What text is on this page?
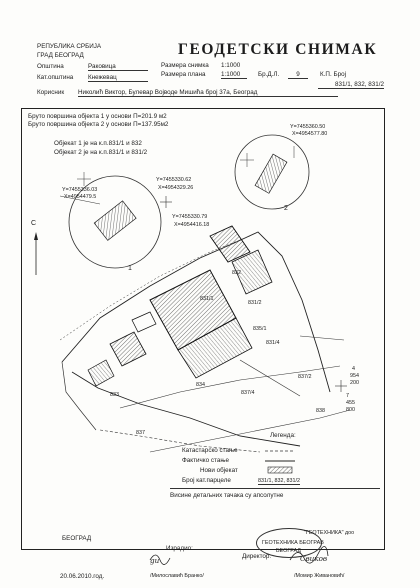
РЕПУБЛИКА СРБИЈА
ГРАД БЕОГРАД
Општина	Раковица
Кат.општина Кнежевац
ГЕОДЕТСКИ СНИМАК
Размера снимка 1:1000
Размера плана 1:1000	Бр.Д.Л.	9	К.П. Број
831/1, 832, 831/2
Корисник Николић Виктор, Булевар Војводе Мишића број 37а, Београд
Бруто површина објекта 1 у основи П=201.9 м2
Бруто површина објекта 2 у основи П=137.95м2
Објекат 1 је на к.п.831/1 и 832
Објекат 2 је на к.п.831/1 и 831/2
С
1
2
Y=7455336.03
X=4954479.5
Y=7455330.62
X=4954329.26
Y=7455360.50
X=4954577.80
Y=7455330.79
X=4954416.18
832
831/1
831/2
834
835/1
837/2
837/4
837
833
831/4
838
4
954
200
7
455
800
Легенда:
Катастарско стање
Фактичко стање
Нови објекат
Број кат.парцеле	831/1, 832, 831/2
Висине детаљних тачака су апсолутне
БЕОГРАД
20.06.2010.год.
Израдио:
gu
/Милославић Бранко/
Директор:	Свиков
/Момир Живановић/
"ГЕОТЕХНИКА" доо
ГЕОТЕХНИКА БЕОГРАВ
БЕОГРАД
